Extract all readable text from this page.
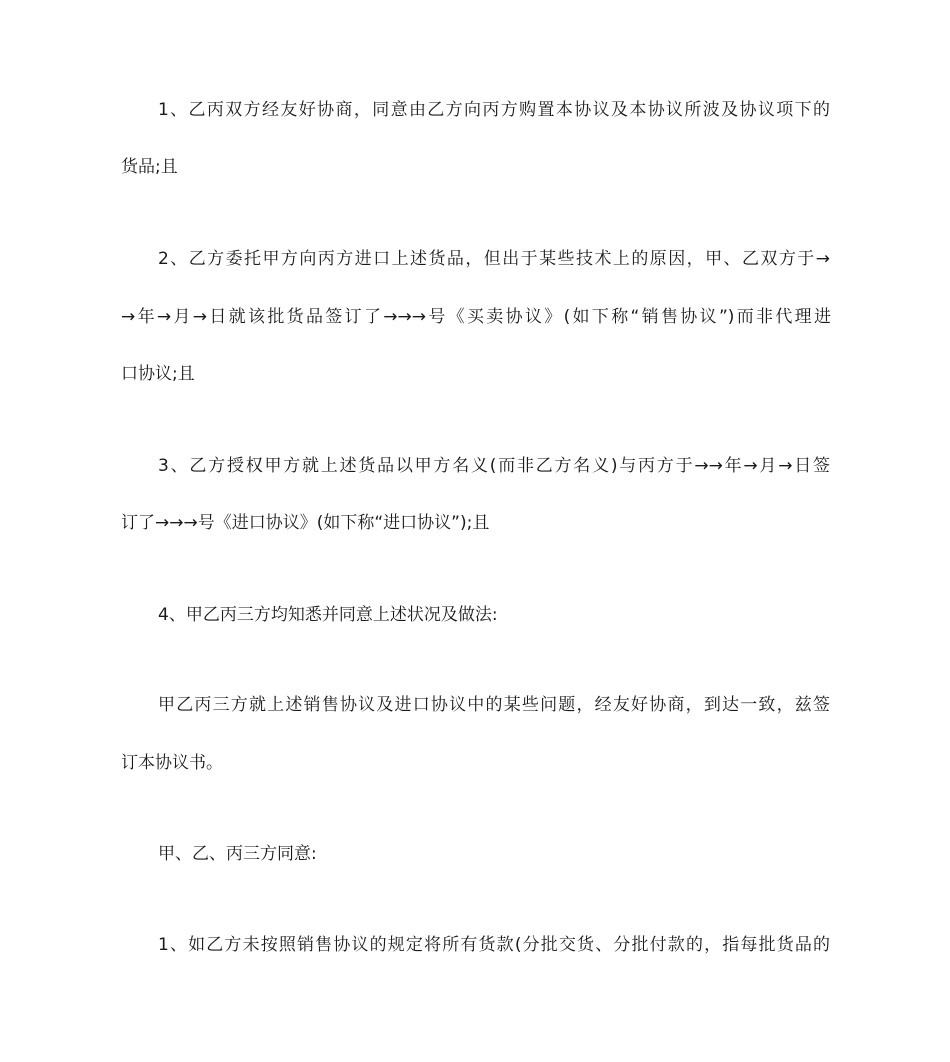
1、乙丙双方经友好协商，同意由乙方向丙方购置本协议及本协议所波及协议项下的
货品;且
2、乙方委托甲方向丙方进口上述货品，但出于某些技术上的原因，甲、乙双方于→
→年→月→日就该批货品签订了→→→号《买卖协议》(如下称“销售协议”)而非代理进
口协议;且
3、乙方授权甲方就上述货品以甲方名义(而非乙方名义)与丙方于→→年→月→日签
订了→→→号《进口协议》(如下称“进口协议”);且
4、甲乙丙三方均知悉并同意上述状况及做法:
甲乙丙三方就上述销售协议及进口协议中的某些问题，经友好协商，到达一致，兹签
订本协议书。
甲、乙、丙三方同意:
1、如乙方未按照销售协议的规定将所有货款(分批交货、分批付款的，指每批货品的
